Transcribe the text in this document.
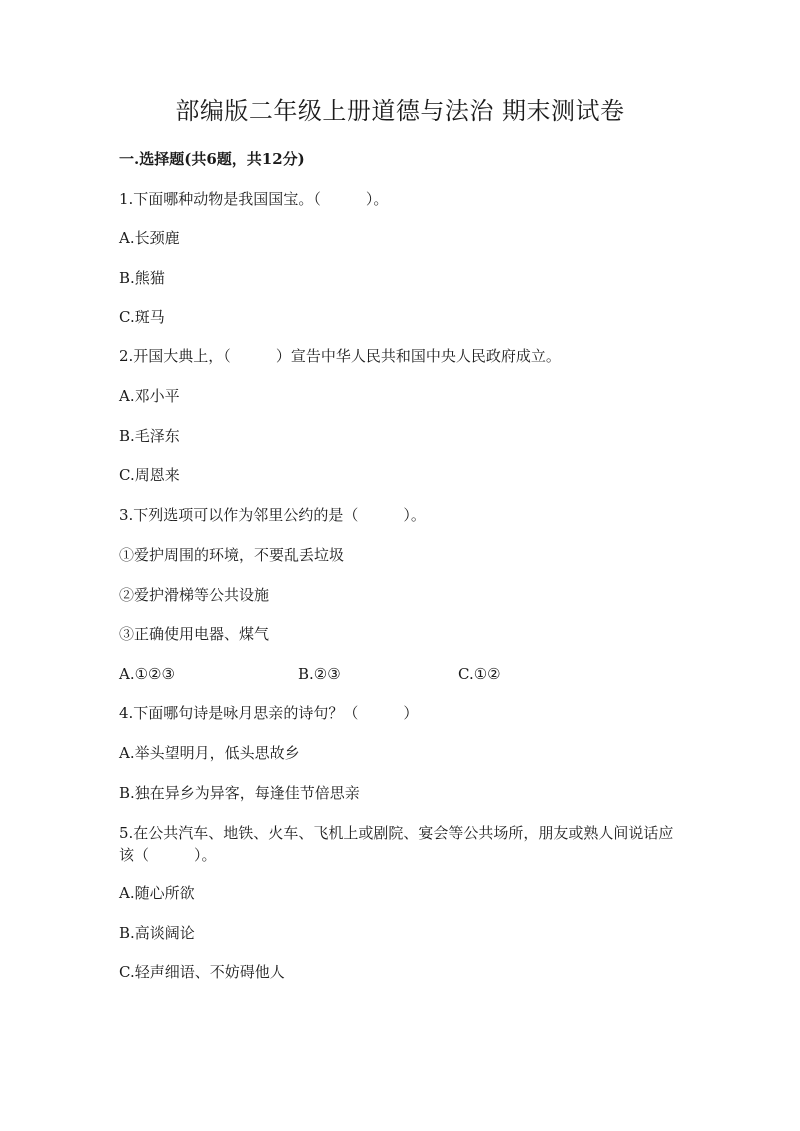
部编版二年级上册道德与法治 期末测试卷
一.选择题(共6题，共12分)
1.下面哪种动物是我国国宝。（　　　）。
A.长颈鹿
B.熊猫
C.斑马
2.开国大典上，（　　　）宣告中华人民共和国中央人民政府成立。
A.邓小平
B.毛泽东
C.周恩来
3.下列选项可以作为邻里公约的是（　　　）。
①爱护周围的环境，不要乱丢垃圾
②爱护滑梯等公共设施
③正确使用电器、煤气
A.①②③	B.②③	C.①②
4.下面哪句诗是咏月思亲的诗句？（　　　）
A.举头望明月，低头思故乡
B.独在异乡为异客，每逢佳节倍思亲
5.在公共汽车、地铁、火车、飞机上或剧院、宴会等公共场所，朋友或熟人间说话应该（　　　）。
A.随心所欲
B.高谈阔论
C.轻声细语、不妨碍他人
